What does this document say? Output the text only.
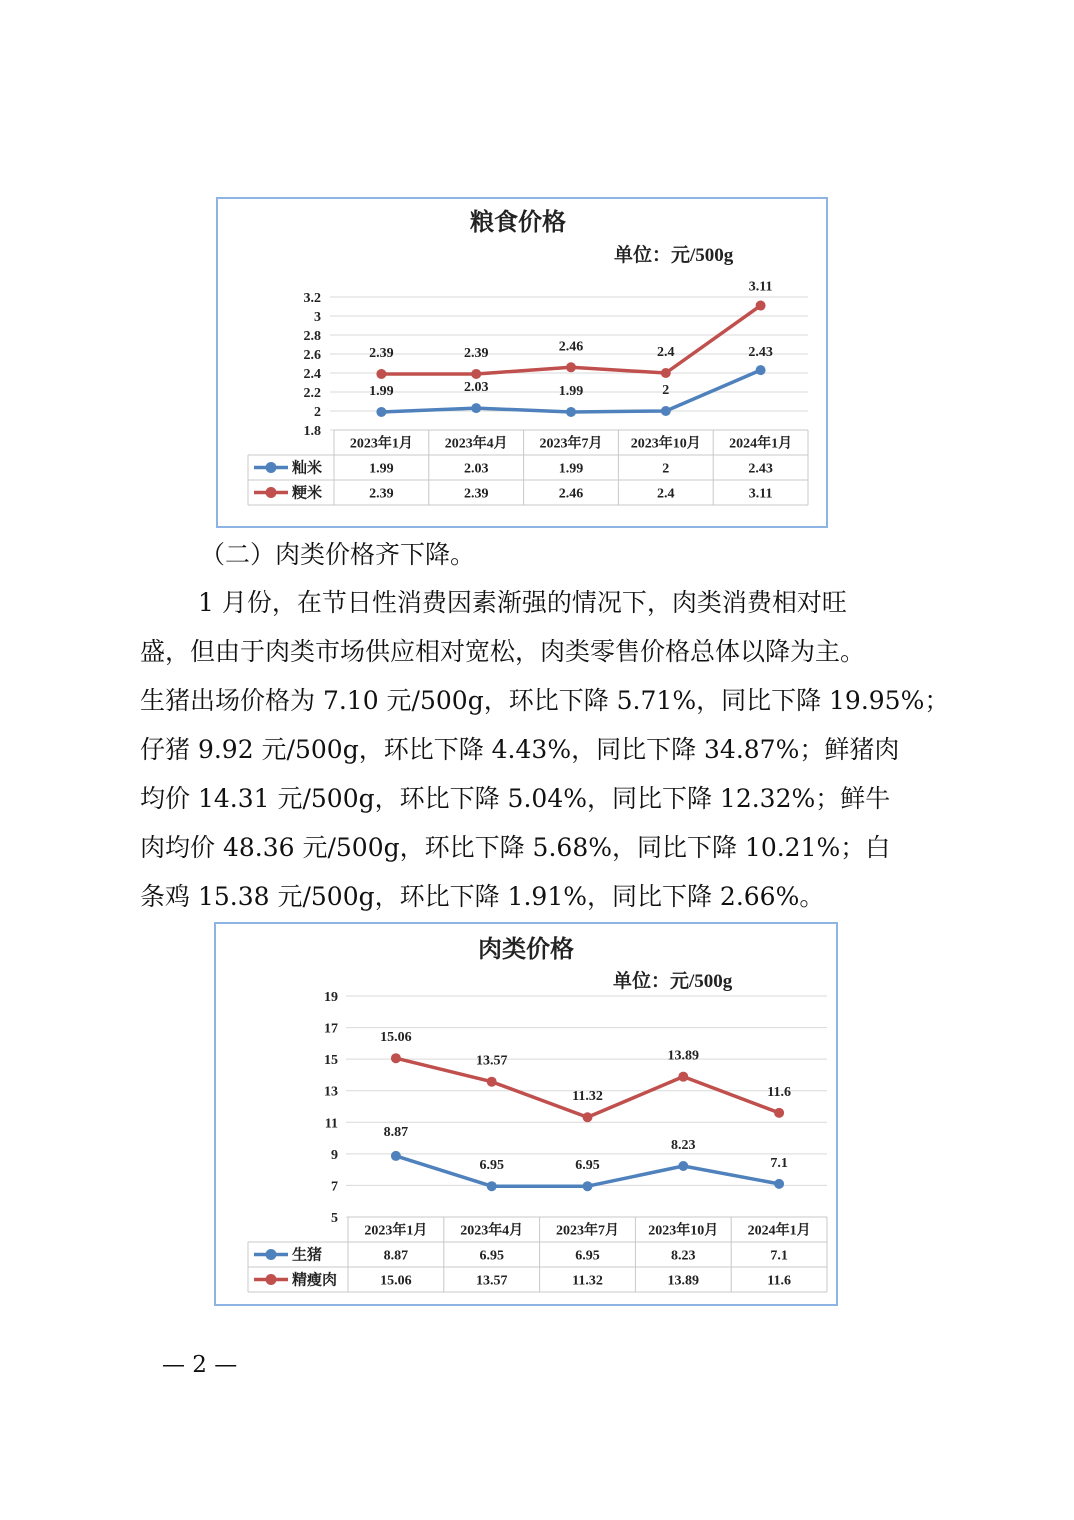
粮食价格
单位：元/500g
1.8
2
2.2
2.4
2.6
2.8
3
3.2
2023年1月 2023年4月 2023年7月 2023年10月 2024年1月
1.99	2.03	1.99	2
2.43
籼米	1.99	2.03	1.99	2	2.43
2.39	2.39	2.46	2.4
3.11
粳米	2.39	2.39	2.46	2.4	3.11
（二）肉类价格齐下降。

1 月份，在节日性消费因素渐强的情况下，肉类消费相对旺

盛，但由于肉类市场供应相对宽松，肉类零售价格总体以降为主。

生猪出场价格为 7.10 元/500g，环比下降 5.71%，同比下降 19.95%；

仔猪 9.92 元/500g，环比下降 4.43%，同比下降 34.87%；鲜猪肉

均价 14.31 元/500g，环比下降 5.04%，同比下降 12.32%；鲜牛

肉均价 48.36 元/500g，环比下降 5.68%，同比下降 10.21%；白

条鸡 15.38 元/500g，环比下降 1.91%，同比下降 2.66%。

肉类价格
单位：元/500g
5
7
9
11
13
15
17
19
2023年1月 2023年4月 2023年7月 2023年10月 2024年1月
8.87
6.95	6.95
8.23
7.1
生猪	8.87	6.95	6.95	8.23	7.1
15.06
13.57
11.32
13.89
11.6
精瘦肉	15.06	13.57	11.32	13.89	11.6
— 2 —
